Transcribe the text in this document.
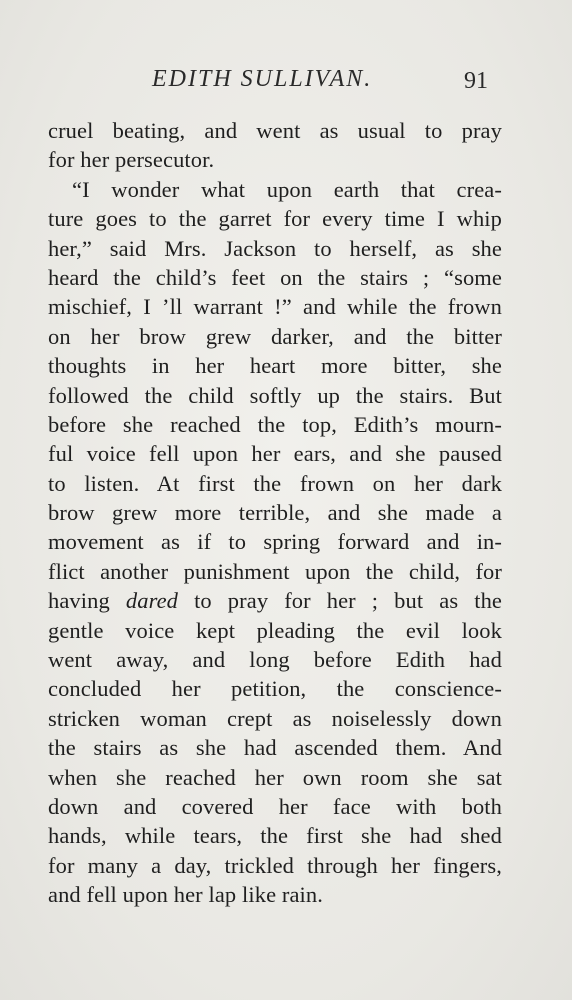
EDITH SULLIVAN.	91
cruel beating, and went as usual to pray
for her persecutor.
“I wonder what upon earth that crea-
ture goes to the garret for every time I whip
her,” said Mrs. Jackson to herself, as she
heard the child’s feet on the stairs ; “some
mischief, I ’ll warrant !” and while the frown
on her brow grew darker, and the bitter
thoughts in her heart more bitter, she
followed the child softly up the stairs. But
before she reached the top, Edith’s mourn-
ful voice fell upon her ears, and she paused
to listen. At first the frown on her dark
brow grew more terrible, and she made a
movement as if to spring forward and in-
flict another punishment upon the child, for
having dared to pray for her ; but as the
gentle voice kept pleading the evil look
went away, and long before Edith had
concluded her petition, the conscience-
stricken woman crept as noiselessly down
the stairs as she had ascended them. And
when she reached her own room she sat
down and covered her face with both
hands, while tears, the first she had shed
for many a day, trickled through her fingers,
and fell upon her lap like rain.
